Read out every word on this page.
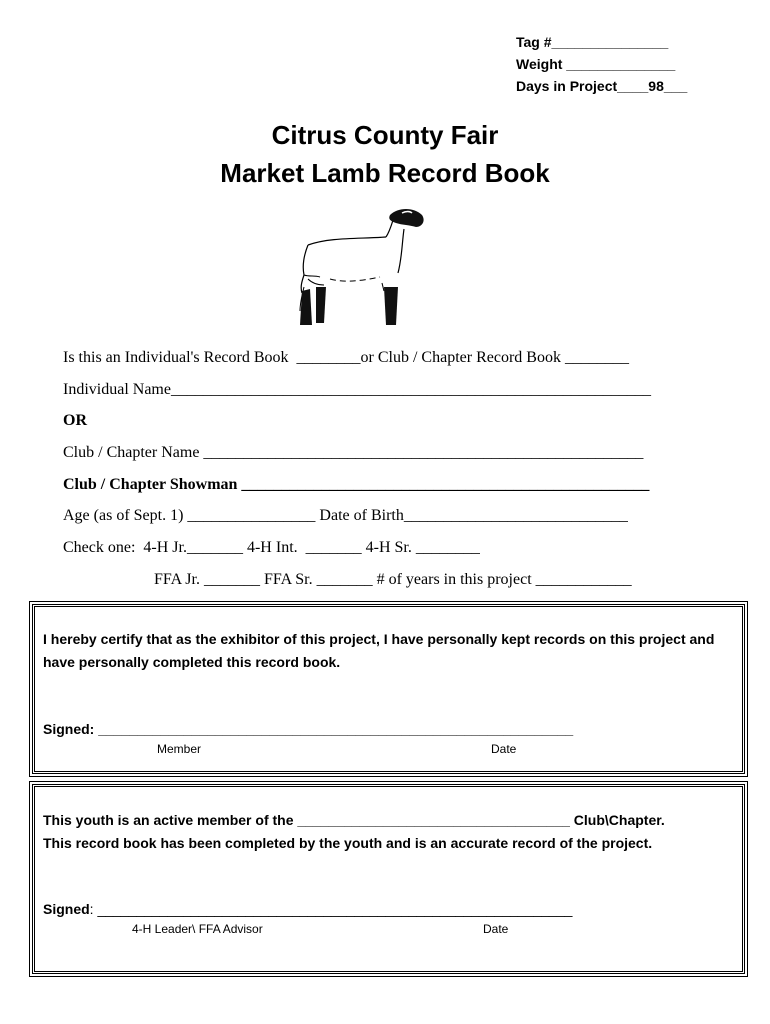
Tag #_______________
Weight ______________
Days in Project____98___
Citrus County Fair
Market Lamb Record Book
Is this an Individual's Record Book  ________or Club / Chapter Record Book ________
Individual Name____________________________________________________________
OR
Club / Chapter Name _______________________________________________________
Club / Chapter Showman ___________________________________________________
Age (as of Sept. 1) ________________ Date of Birth____________________________
Check one:  4-H Jr._______ 4-H Int.  _______ 4-H Sr. ________
FFA Jr. _______ FFA Sr. _______ # of years in this project ____________
I hereby certify that as the exhibitor of this project, I have personally kept records on this project and have personally completed this record book.
Signed: _____________________________________________________________
Member	Date
This youth is an active member of the ___________________________________ Club\Chapter.
This record book has been completed by the youth and is an accurate record of the project.
Signed: _____________________________________________________________
4-H Leader\ FFA Advisor	Date
